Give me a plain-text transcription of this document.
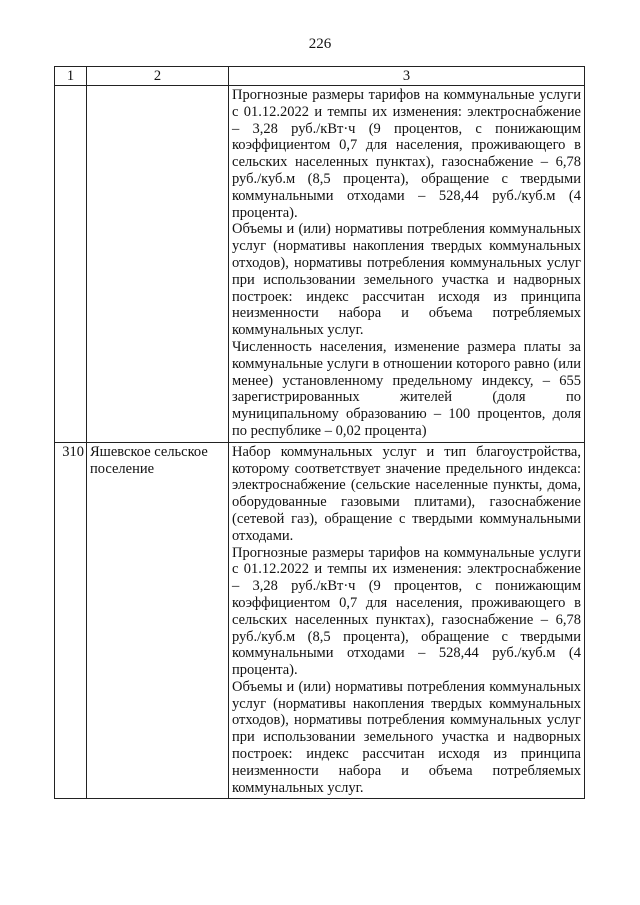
226
1	2	3

		Прогнозные размеры тарифов на коммунальные услуги с 01.12.2022 и темпы их изменения: электроснабжение – 3,28 руб./кВт·ч (9 процентов, с понижающим коэффициентом 0,7 для населения, проживающего в сельских населенных пунктах), газоснабжение – 6,78 руб./куб.м (8,5 процента), обращение с твердыми коммунальными отходами – 528,44 руб./куб.м (4 процента).

Объемы и (или) нормативы потребления коммунальных услуг (нормативы накопления твердых коммунальных отходов), нормативы потребления коммунальных услуг при использовании земельного участка и надворных построек: индекс рассчитан исходя из принципа неизменности набора и объема потребляемых коммунальных услуг.

Численность населения, изменение размера платы за коммунальные услуги в отношении которого равно (или менее) установленному предельному индексу, – 655 зарегистрированных жителей (доля по муниципальному образованию – 100 процентов, доля по республике – 0,02 процента)

310	Яшевское сельское поселение	Набор коммунальных услуг и тип благоустройства, которому соответствует значение предельного индекса: электроснабжение (сельские населенные пункты, дома, оборудованные газовыми плитами), газоснабжение (сетевой газ), обращение с твердыми коммунальными отходами.

Прогнозные размеры тарифов на коммунальные услуги с 01.12.2022 и темпы их изменения: электроснабжение – 3,28 руб./кВт·ч (9 процентов, с понижающим коэффициентом 0,7 для населения, проживающего в сельских населенных пунктах), газоснабжение – 6,78 руб./куб.м (8,5 процента), обращение с твердыми коммунальными отходами – 528,44 руб./куб.м (4 процента).

Объемы и (или) нормативы потребления коммунальных услуг (нормативы накопления твердых коммунальных отходов), нормативы потребления коммунальных услуг при использовании земельного участка и надворных построек: индекс рассчитан исходя из принципа неизменности набора и объема потребляемых коммунальных услуг.
